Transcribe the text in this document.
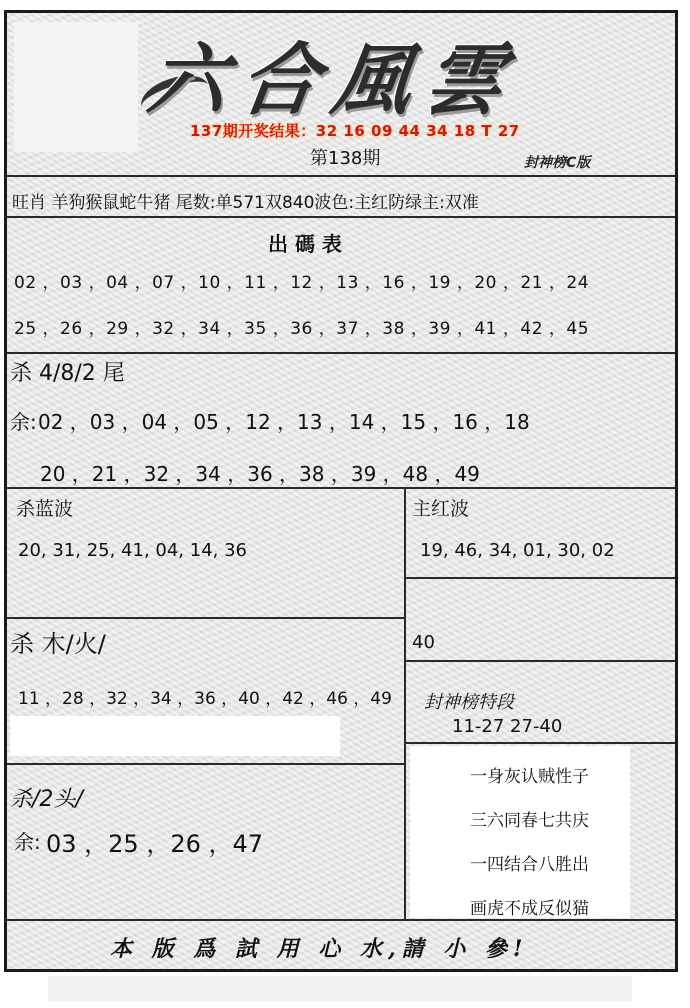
六合風雲
137期开奖结果：32 16 09 44 34 18 T 27
第138期	封神榜C版
旺肖 羊狗猴鼠蛇牛猪 尾数:单571双840波色:主红防绿主:双准
出 碼 表
02 ，03 ，04 ，07 ，10 ，11 ，12 ，13 ，16 ，19 ，20 ，21 ，24
25 ，26 ，29 ，32 ，34 ，35 ，36 ，37 ，38 ，39 ，41 ，42 ，45
杀 4/8/2 尾
余: 02 ，03 ，04 ，05 ，12 ，13 ，14 ，15 ，16 ，18
20 ，21 ，32 ，34 ，36 ，38 ，39 ，48 ，49
杀蓝波
20, 31, 25, 41, 04, 14, 36
主红波
19, 46, 34, 01, 30, 02
40
杀 木/火/
11 ，28 ，32 ，34 ，36 ，40 ，42 ，46 ，49 封神榜特段
11-27 27-40
杀/2头/
余: 03 ，25 ，26 ，47
一身灰认贼性子
三六同春七共庆
一四结合八胜出
画虎不成反似猫
本 版 爲 試 用 心 水,請 小 參!
